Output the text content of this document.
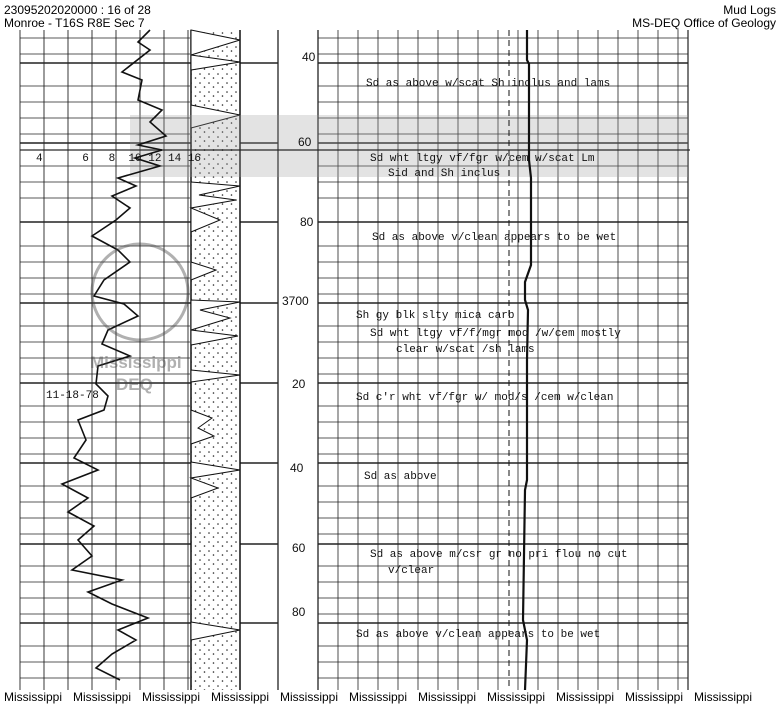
23095202020000 : 16 of 28
Monroe - T16S R8E Sec 7
Mud Logs
MS-DEQ Office of Geology
4      6   8  10 12 14 16
11-18-78
Mississippi
DEQ
40
60
80
3700
20
40
60
80
Sd as above w/scat Sh inclus and lams
Sd wht ltgy vf/fgr w/cem w/scat Lm
Sid and Sh inclus
Sd as above v/clean appears to be wet
Sh gy blk slty mica carb
Sd wht ltgy vf/f/mgr mod /w/cem mostly
clear w/scat /sh lams
Sd c'r wht vf/fgr w/ mod/s /cem w/clean
Sd as above
Sd as above m/csr gr no pri flou no cut
v/clear
Sd as above v/clean appears to be wet
Mississippi Mississippi Mississippi Mississippi Mississippi Mississippi Mississippi Mississippi Mississippi Mississippi Mississippi
